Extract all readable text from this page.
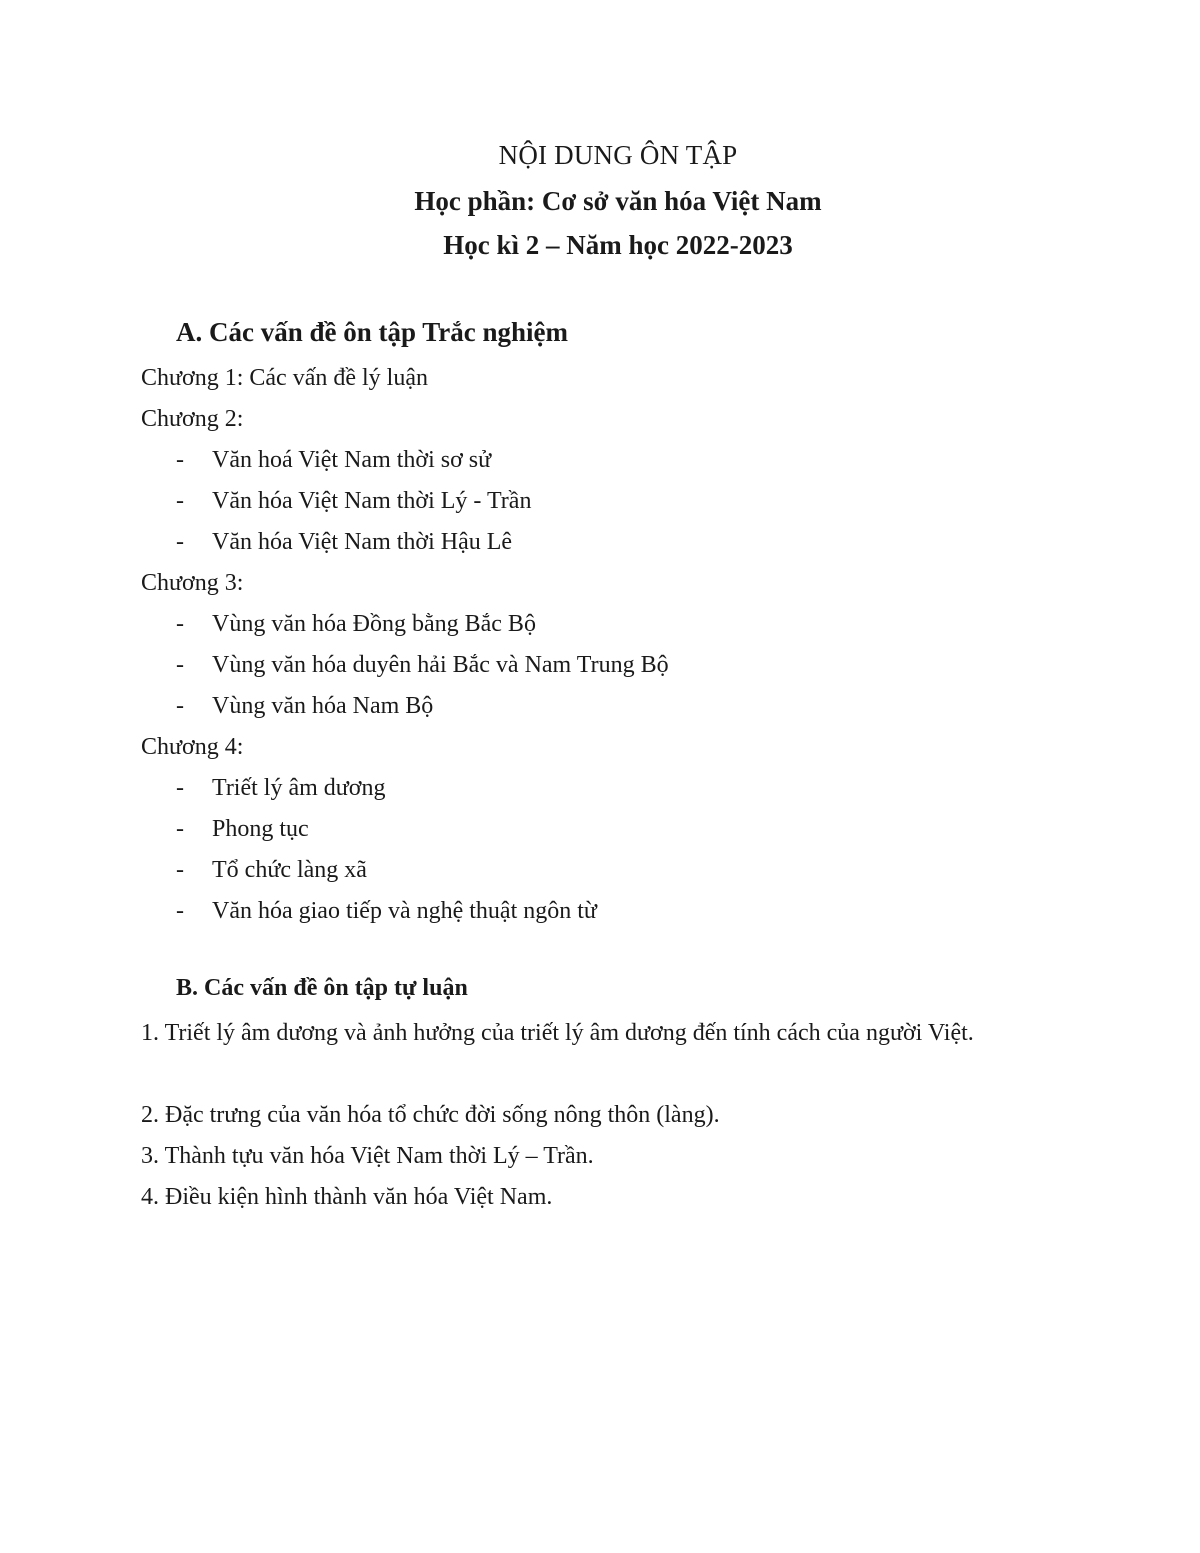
NỘI DUNG ÔN TẬP
Học phần: Cơ sở văn hóa Việt Nam
Học kì 2 – Năm học 2022-2023
A. Các vấn đề ôn tập Trắc nghiệm
Chương 1: Các vấn đề lý luận
Chương 2:
- Văn hoá Việt Nam thời sơ sử
- Văn hóa Việt Nam thời Lý - Trần
- Văn hóa Việt Nam thời Hậu Lê
Chương 3:
- Vùng văn hóa Đồng bằng Bắc Bộ
- Vùng văn hóa duyên hải Bắc và Nam Trung Bộ
- Vùng văn hóa Nam Bộ
Chương 4:
- Triết lý âm dương
- Phong tục
- Tổ chức làng xã
- Văn hóa giao tiếp và nghệ thuật ngôn từ
B. Các vấn đề ôn tập tự luận
1. Triết lý âm dương và ảnh hưởng của triết lý âm dương đến tính cách của người Việt.
2. Đặc trưng của văn hóa tổ chức đời sống nông thôn (làng).
3. Thành tựu văn hóa Việt Nam thời Lý – Trần.
4. Điều kiện hình thành văn hóa Việt Nam.
